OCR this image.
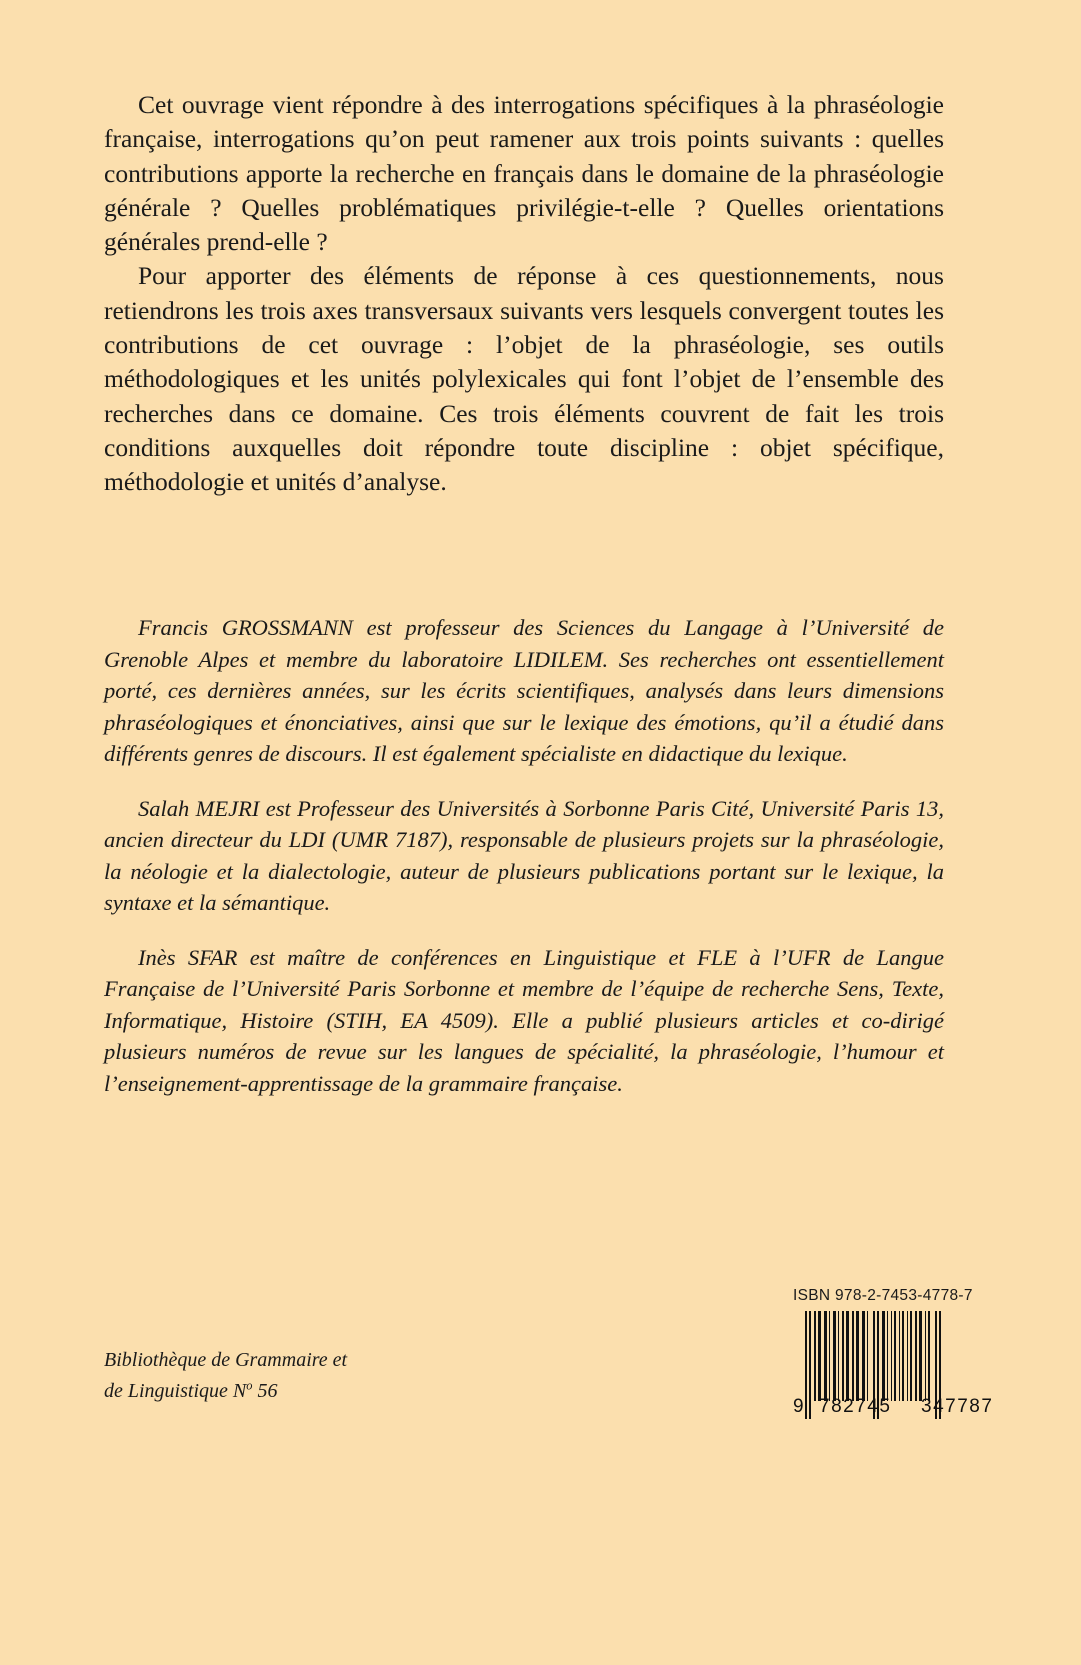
Cet ouvrage vient répondre à des interrogations spécifiques à la phraséologie française, interrogations qu’on peut ramener aux trois points suivants : quelles contributions apporte la recherche en français dans le domaine de la phraséologie générale ? Quelles problématiques privilégie-t-elle ? Quelles orientations générales prend-elle ?

Pour apporter des éléments de réponse à ces questionnements, nous retiendrons les trois axes transversaux suivants vers lesquels convergent toutes les contributions de cet ouvrage : l’objet de la phraséologie, ses outils méthodologiques et les unités polylexicales qui font l’objet de l’ensemble des recherches dans ce domaine. Ces trois éléments couvrent de fait les trois conditions auxquelles doit répondre toute discipline : objet spécifique, méthodologie et unités d’analyse.

Francis GROSSMANN est professeur des Sciences du Langage à l’Université de Grenoble Alpes et membre du laboratoire LIDILEM. Ses recherches ont essentiellement porté, ces dernières années, sur les écrits scientifiques, analysés dans leurs dimensions phraséologiques et énonciatives, ainsi que sur le lexique des émotions, qu’il a étudié dans différents genres de discours. Il est également spécialiste en didactique du lexique.

Salah MEJRI est Professeur des Universités à Sorbonne Paris Cité, Université Paris 13, ancien directeur du LDI (UMR 7187), responsable de plusieurs projets sur la phraséologie, la néologie et la dialectologie, auteur de plusieurs publications portant sur le lexique, la syntaxe et la sémantique.

Inès SFAR est maître de conférences en Linguistique et FLE à l’UFR de Langue Française de l’Université Paris Sorbonne et membre de l’équipe de recherche Sens, Texte, Informatique, Histoire (STIH, EA 4509). Elle a publié plusieurs articles et co-dirigé plusieurs numéros de revue sur les langues de spécialité, la phraséologie, l’humour et l’enseignement-apprentissage de la grammaire française.

Bibliothèque de Grammaire et
de Linguistique $N^o$ 56
ISBN 978-2-7453-4778-7
9 782745 347787
